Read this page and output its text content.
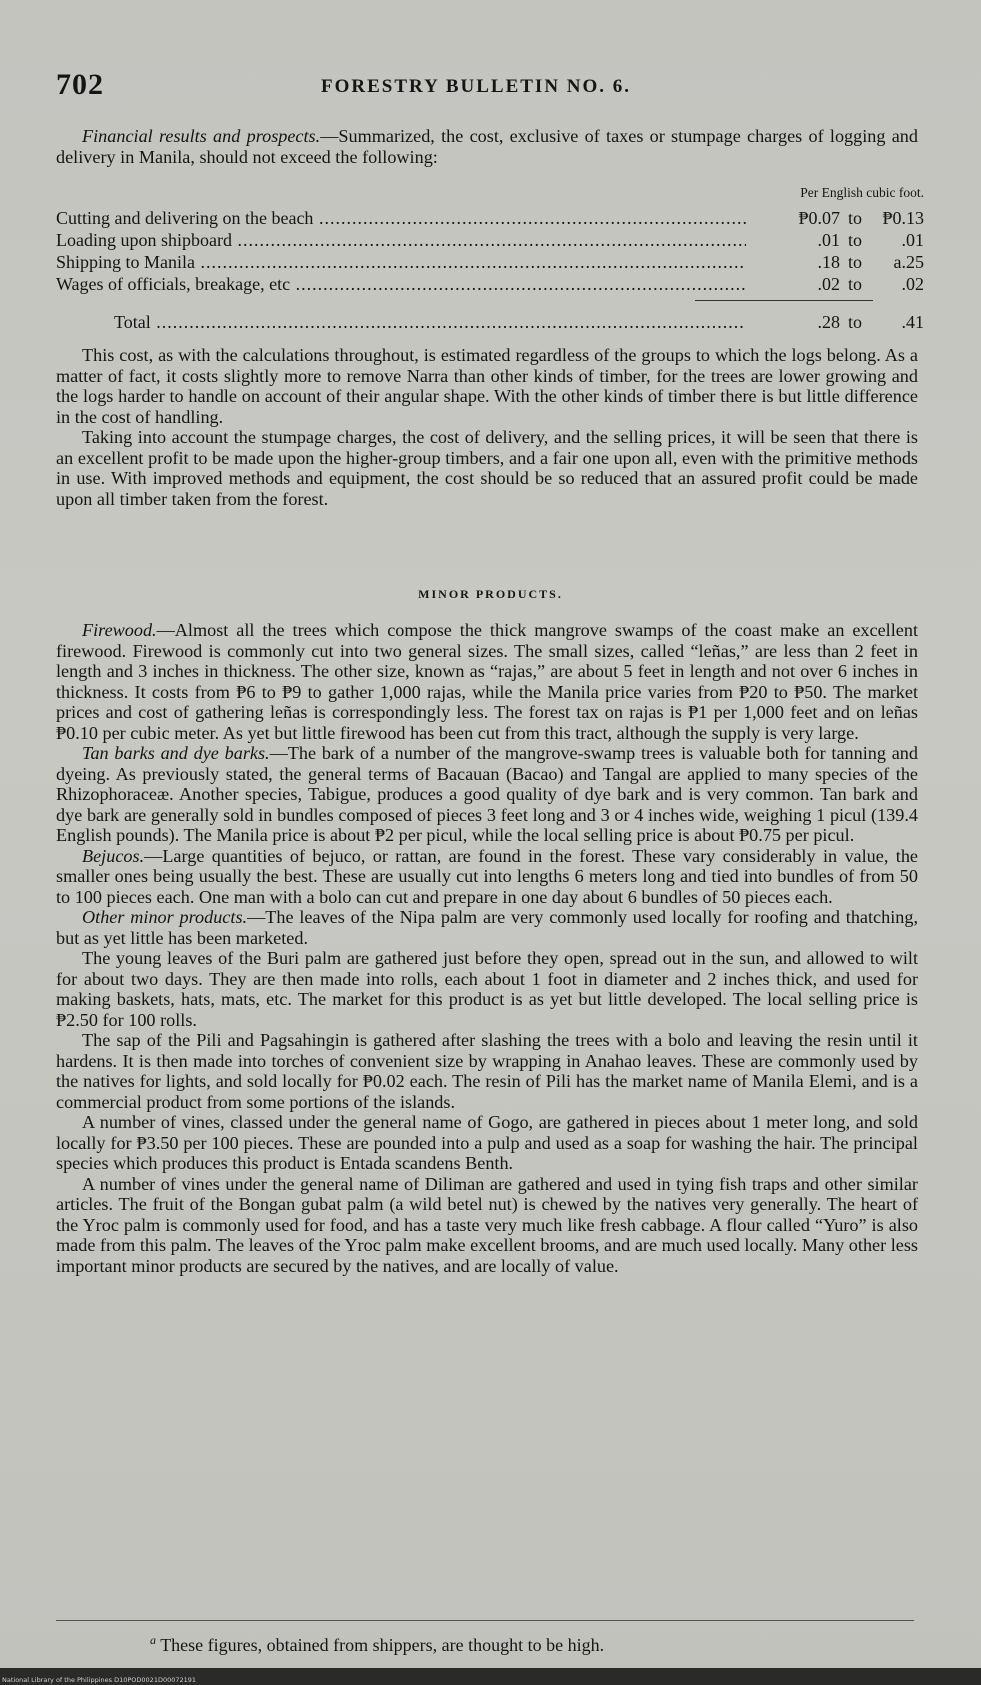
702	FORESTRY BULLETIN NO. 6.

Financial results and prospects.—Summarized, the cost, exclusive of taxes or stumpage charges of logging and delivery in Manila, should not exceed the following:

Per English cubic foot.
Cutting and delivering on the beach .....	₱0.07 to	₱0.13
Loading upon shipboard .....	.01 to	.01
Shipping to Manila .....	.18 to	a.25
Wages of officials, breakage, etc .....	.02 to	.02
Total .....	.28 to	.41

This cost, as with the calculations throughout, is estimated regardless of the groups to which the logs belong. As a matter of fact, it costs slightly more to remove Narra than other kinds of timber, for the trees are lower growing and the logs harder to handle on account of their angular shape. With the other kinds of timber there is but little difference in the cost of handling.

Taking into account the stumpage charges, the cost of delivery, and the selling prices, it will be seen that there is an excellent profit to be made upon the higher-group timbers, and a fair one upon all, even with the primitive methods in use. With improved methods and equipment, the cost should be so reduced that an assured profit could be made upon all timber taken from the forest.

MINOR PRODUCTS.

Firewood.—Almost all the trees which compose the thick mangrove swamps of the coast make an excellent firewood. Firewood is commonly cut into two general sizes. The small sizes, called “leñas,” are less than 2 feet in length and 3 inches in thickness. The other size, known as “rajas,” are about 5 feet in length and not over 6 inches in thickness. It costs from ₱6 to ₱9 to gather 1,000 rajas, while the Manila price varies from ₱20 to ₱50. The market prices and cost of gathering leñas is correspondingly less. The forest tax on rajas is ₱1 per 1,000 feet and on leñas ₱0.10 per cubic meter. As yet but little firewood has been cut from this tract, although the supply is very large.

Tan barks and dye barks.—The bark of a number of the mangrove-swamp trees is valuable both for tanning and dyeing. As previously stated, the general terms of Bacauan (Bacao) and Tangal are applied to many species of the Rhizophoraceæ. Another species, Tabigue, produces a good quality of dye bark and is very common. Tan bark and dye bark are generally sold in bundles composed of pieces 3 feet long and 3 or 4 inches wide, weighing 1 picul (139.4 English pounds). The Manila price is about ₱2 per picul, while the local selling price is about ₱0.75 per picul.

Bejucos.—Large quantities of bejuco, or rattan, are found in the forest. These vary considerably in value, the smaller ones being usually the best. These are usually cut into lengths 6 meters long and tied into bundles of from 50 to 100 pieces each. One man with a bolo can cut and prepare in one day about 6 bundles of 50 pieces each.

Other minor products.—The leaves of the Nipa palm are very commonly used locally for roofing and thatching, but as yet little has been marketed.

The young leaves of the Buri palm are gathered just before they open, spread out in the sun, and allowed to wilt for about two days. They are then made into rolls, each about 1 foot in diameter and 2 inches thick, and used for making baskets, hats, mats, etc. The market for this product is as yet but little developed. The local selling price is ₱2.50 for 100 rolls.

The sap of the Pili and Pagsahingin is gathered after slashing the trees with a bolo and leaving the resin until it hardens. It is then made into torches of convenient size by wrapping in Anahao leaves. These are commonly used by the natives for lights, and sold locally for ₱0.02 each. The resin of Pili has the market name of Manila Elemi, and is a commercial product from some portions of the islands.

A number of vines, classed under the general name of Gogo, are gathered in pieces about 1 meter long, and sold locally for ₱3.50 per 100 pieces. These are pounded into a pulp and used as a soap for washing the hair. The principal species which produces this product is Entada scandens Benth.

A number of vines under the general name of Diliman are gathered and used in tying fish traps and other similar articles. The fruit of the Bongan gubat palm (a wild betel nut) is chewed by the natives very generally. The heart of the Yroc palm is commonly used for food, and has a taste very much like fresh cabbage. A flour called “Yuro” is also made from this palm. The leaves of the Yroc palm make excellent brooms, and are much used locally. Many other less important minor products are secured by the natives, and are locally of value.

$^a$ These figures, obtained from shippers, are thought to be high.
National Library of the Philippines D10POD0021D00072191
